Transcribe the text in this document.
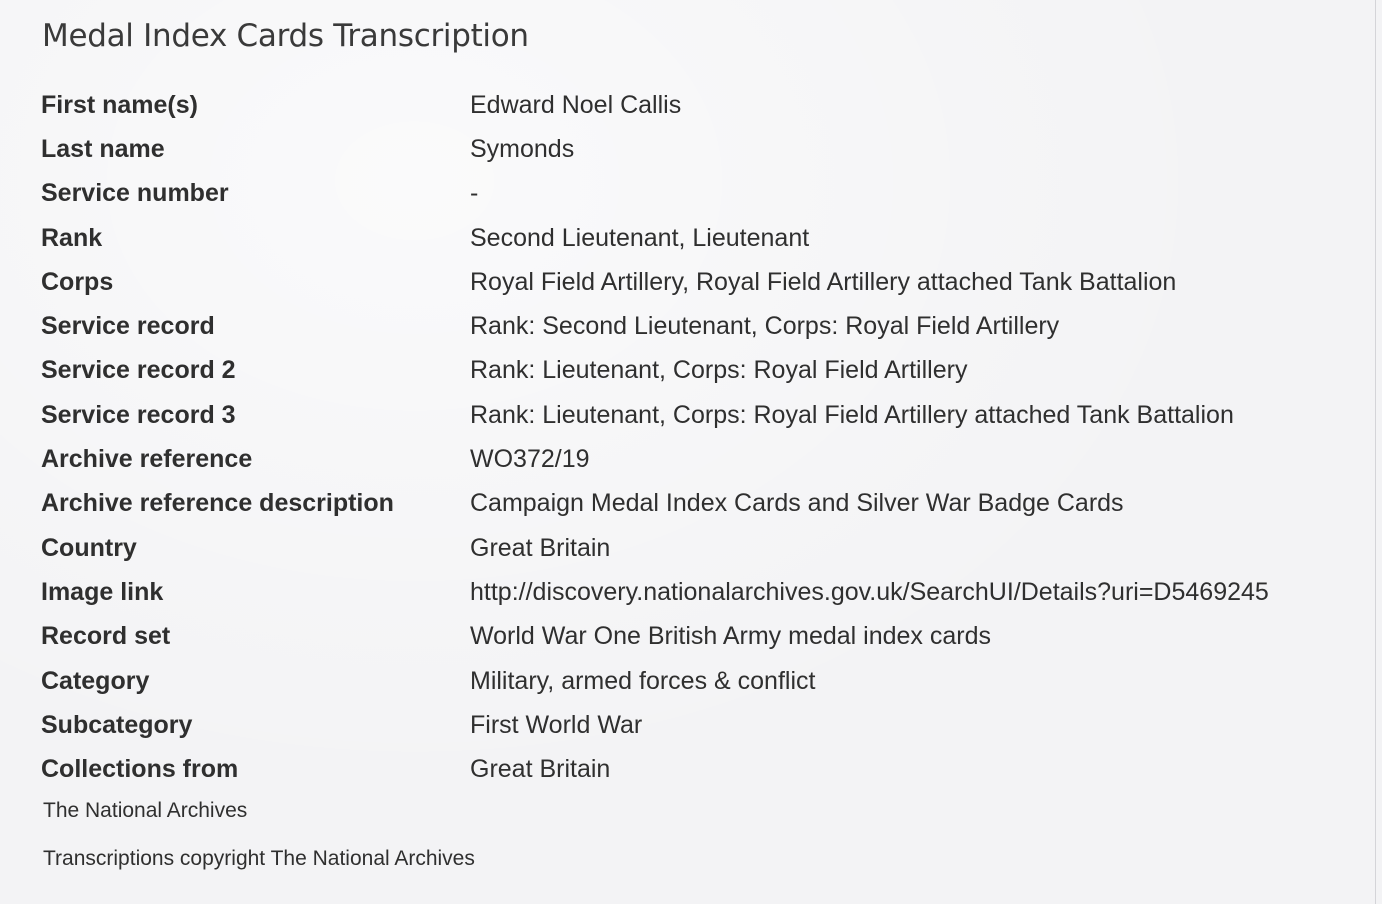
Medal Index Cards Transcription
First name(s)	Edward Noel Callis
Last name	Symonds
Service number	-
Rank	Second Lieutenant, Lieutenant
Corps	Royal Field Artillery, Royal Field Artillery attached Tank Battalion
Service record	Rank: Second Lieutenant, Corps: Royal Field Artillery
Service record 2	Rank: Lieutenant, Corps: Royal Field Artillery
Service record 3	Rank: Lieutenant, Corps: Royal Field Artillery attached Tank Battalion
Archive reference	WO372/19
Archive reference description	Campaign Medal Index Cards and Silver War Badge Cards
Country	Great Britain
Image link	http://discovery.nationalarchives.gov.uk/SearchUI/Details?uri=D5469245
Record set	World War One British Army medal index cards
Category	Military, armed forces & conflict
Subcategory	First World War
Collections from	Great Britain
The National Archives
Transcriptions copyright The National Archives
